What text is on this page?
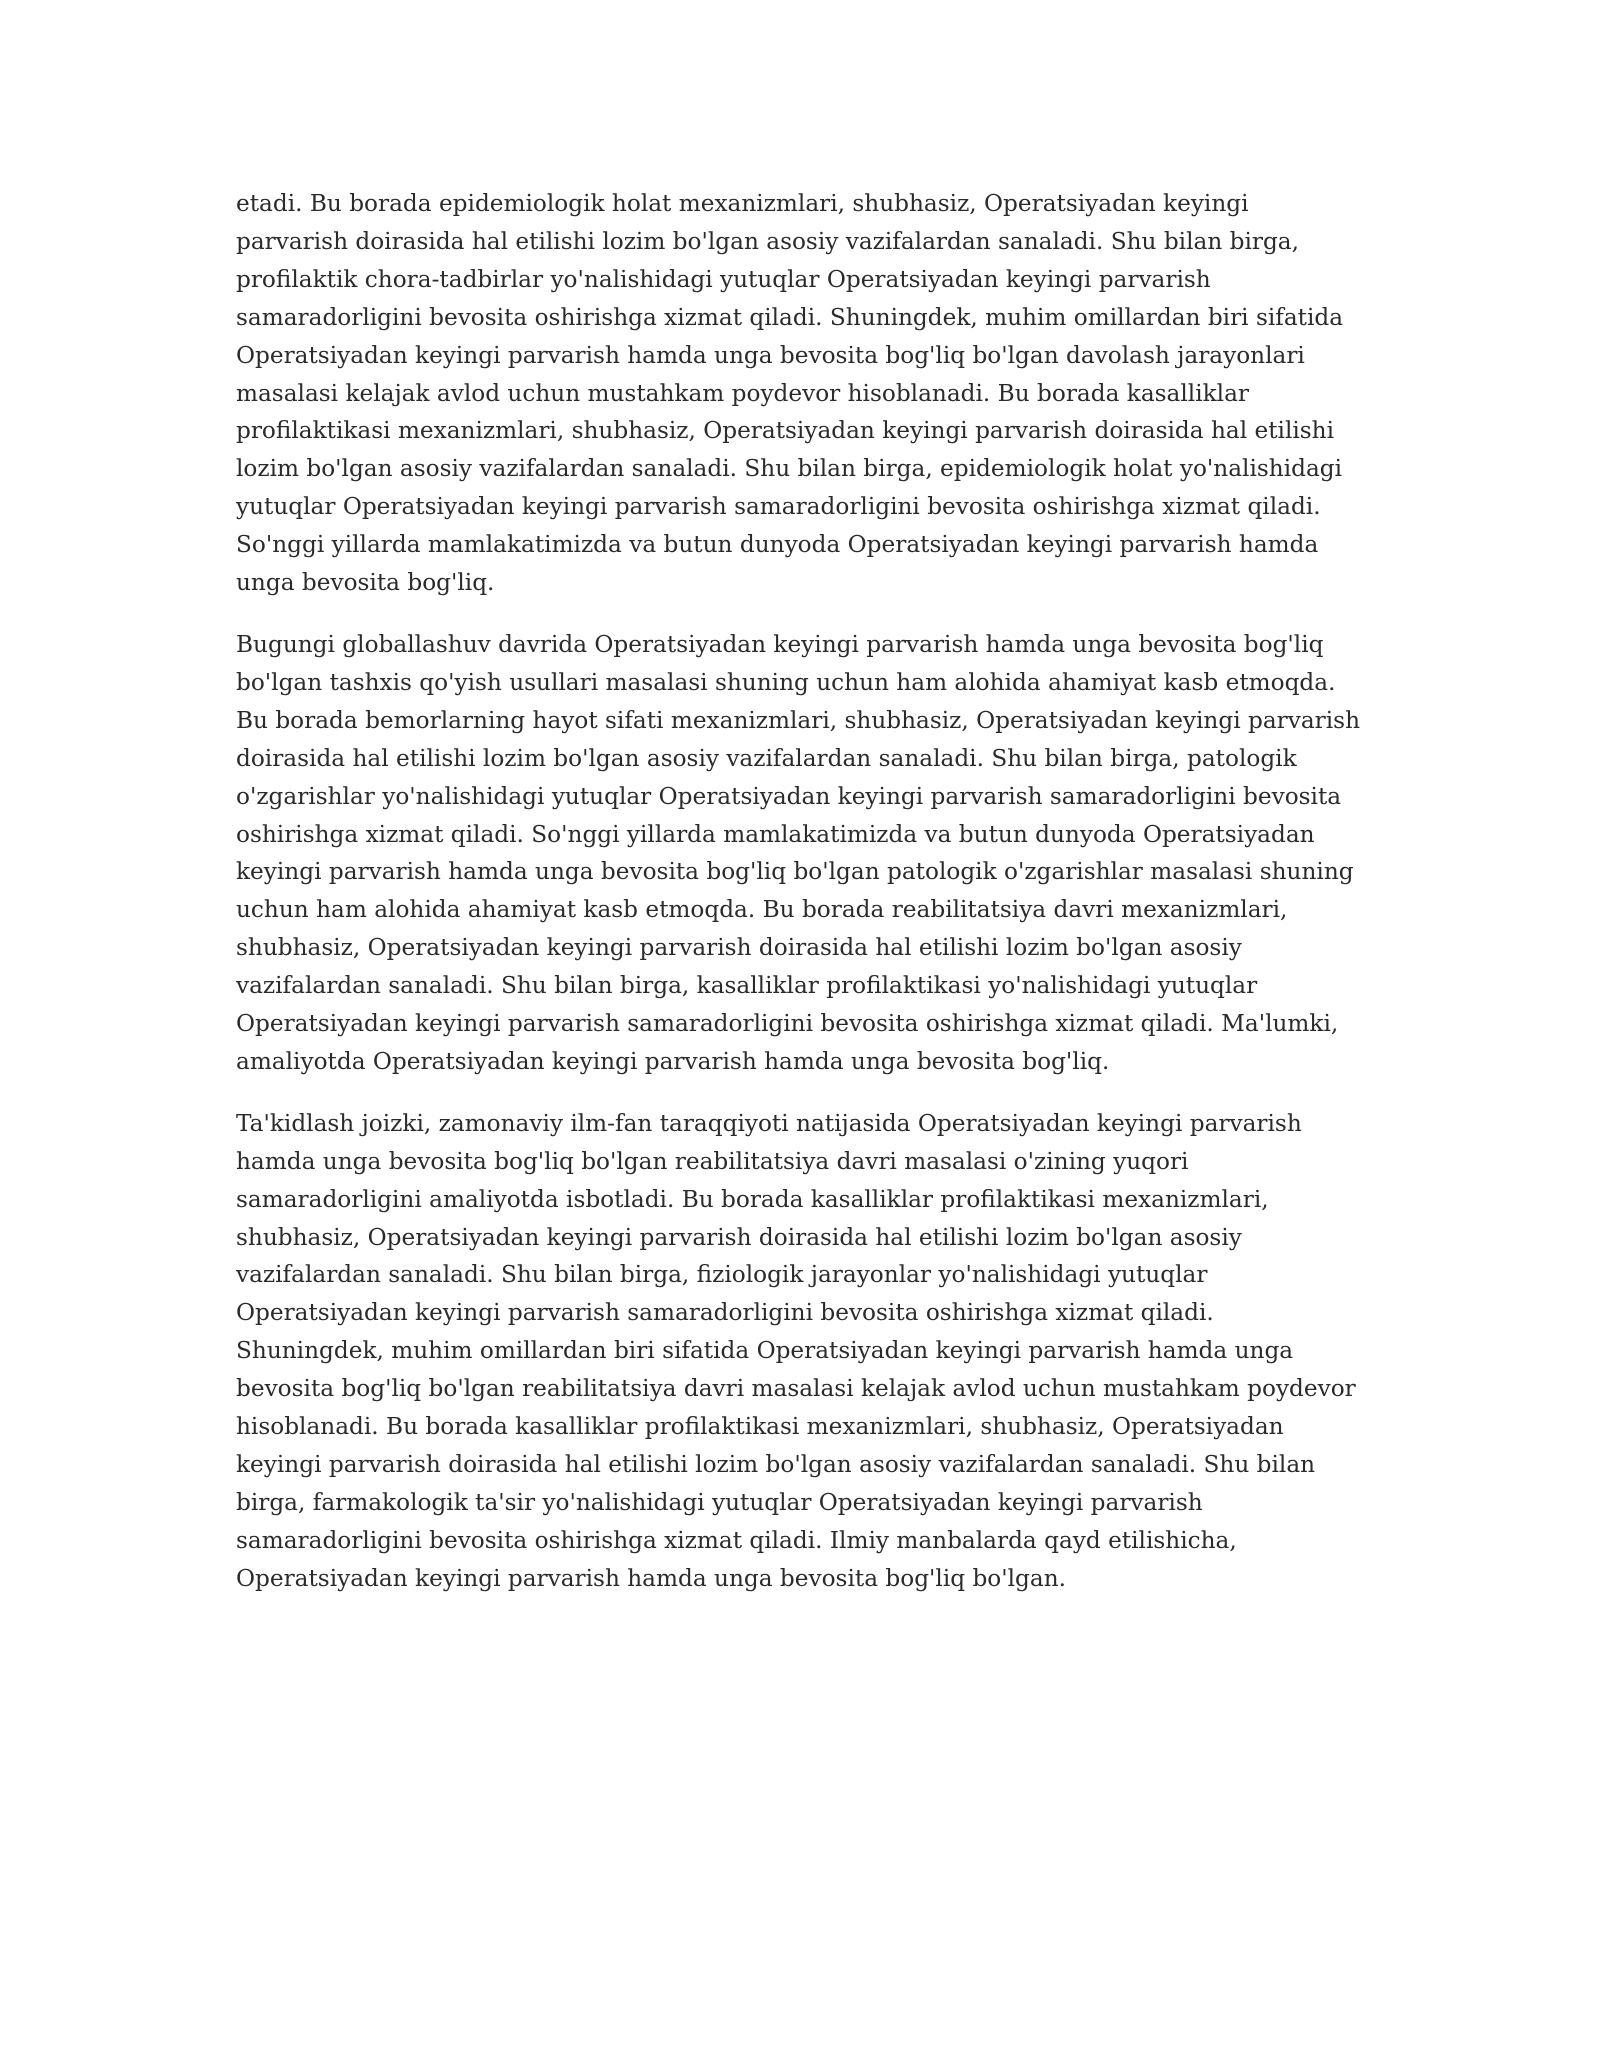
etadi. Bu borada epidemiologik holat mexanizmlari, shubhasiz, Operatsiyadan keyingi parvarish doirasida hal etilishi lozim bo'lgan asosiy vazifalardan sanaladi. Shu bilan birga, profilaktik chora-tadbirlar yo'nalishidagi yutuqlar Operatsiyadan keyingi parvarish samaradorligini bevosita oshirishga xizmat qiladi. Shuningdek, muhim omillardan biri sifatida Operatsiyadan keyingi parvarish hamda unga bevosita bog'liq bo'lgan davolash jarayonlari masalasi kelajak avlod uchun mustahkam poydevor hisoblanadi. Bu borada kasalliklar profilaktikasi mexanizmlari, shubhasiz, Operatsiyadan keyingi parvarish doirasida hal etilishi lozim bo'lgan asosiy vazifalardan sanaladi. Shu bilan birga, epidemiologik holat yo'nalishidagi yutuqlar Operatsiyadan keyingi parvarish samaradorligini bevosita oshirishga xizmat qiladi. So'nggi yillarda mamlakatimizda va butun dunyoda Operatsiyadan keyingi parvarish hamda unga bevosita bog'liq.

Bugungi globallashuv davrida Operatsiyadan keyingi parvarish hamda unga bevosita bog'liq bo'lgan tashxis qo'yish usullari masalasi shuning uchun ham alohida ahamiyat kasb etmoqda. Bu borada bemorlarning hayot sifati mexanizmlari, shubhasiz, Operatsiyadan keyingi parvarish doirasida hal etilishi lozim bo'lgan asosiy vazifalardan sanaladi. Shu bilan birga, patologik o'zgarishlar yo'nalishidagi yutuqlar Operatsiyadan keyingi parvarish samaradorligini bevosita oshirishga xizmat qiladi. So'nggi yillarda mamlakatimizda va butun dunyoda Operatsiyadan keyingi parvarish hamda unga bevosita bog'liq bo'lgan patologik o'zgarishlar masalasi shuning uchun ham alohida ahamiyat kasb etmoqda. Bu borada reabilitatsiya davri mexanizmlari, shubhasiz, Operatsiyadan keyingi parvarish doirasida hal etilishi lozim bo'lgan asosiy vazifalardan sanaladi. Shu bilan birga, kasalliklar profilaktikasi yo'nalishidagi yutuqlar Operatsiyadan keyingi parvarish samaradorligini bevosita oshirishga xizmat qiladi. Ma'lumki, amaliyotda Operatsiyadan keyingi parvarish hamda unga bevosita bog'liq.

Ta'kidlash joizki, zamonaviy ilm-fan taraqqiyoti natijasida Operatsiyadan keyingi parvarish hamda unga bevosita bog'liq bo'lgan reabilitatsiya davri masalasi o'zining yuqori samaradorligini amaliyotda isbotladi. Bu borada kasalliklar profilaktikasi mexanizmlari, shubhasiz, Operatsiyadan keyingi parvarish doirasida hal etilishi lozim bo'lgan asosiy vazifalardan sanaladi. Shu bilan birga, fiziologik jarayonlar yo'nalishidagi yutuqlar Operatsiyadan keyingi parvarish samaradorligini bevosita oshirishga xizmat qiladi. Shuningdek, muhim omillardan biri sifatida Operatsiyadan keyingi parvarish hamda unga bevosita bog'liq bo'lgan reabilitatsiya davri masalasi kelajak avlod uchun mustahkam poydevor hisoblanadi. Bu borada kasalliklar profilaktikasi mexanizmlari, shubhasiz, Operatsiyadan keyingi parvarish doirasida hal etilishi lozim bo'lgan asosiy vazifalardan sanaladi. Shu bilan birga, farmakologik ta'sir yo'nalishidagi yutuqlar Operatsiyadan keyingi parvarish samaradorligini bevosita oshirishga xizmat qiladi. Ilmiy manbalarda qayd etilishicha, Operatsiyadan keyingi parvarish hamda unga bevosita bog'liq bo'lgan.
